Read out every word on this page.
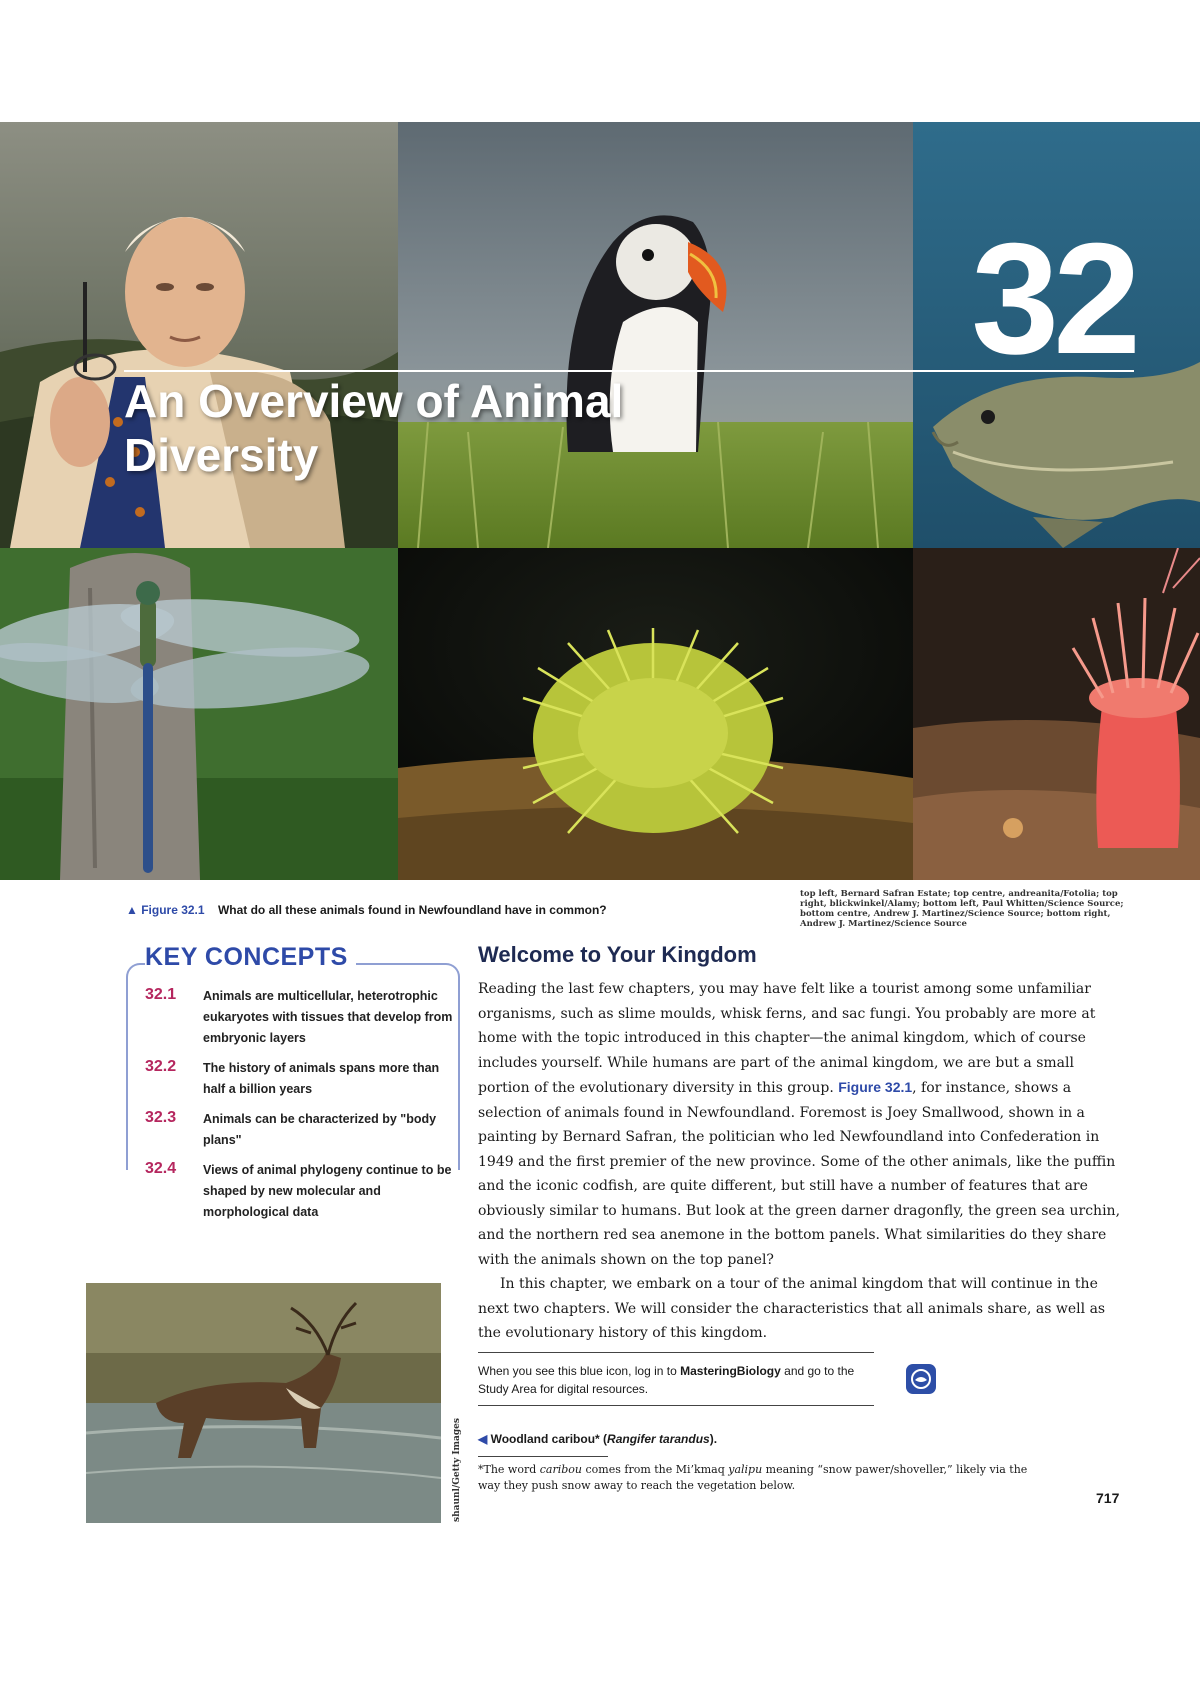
An Overview of Animal
Diversity
32
▲ Figure 32.1 What do all these animals found in Newfoundland have in common?
top left, Bernard Safran Estate; top centre, andreanita/Fotolia; top right, blickwinkel/Alamy; bottom left, Paul Whitten/Science Source; bottom centre, Andrew J. Martinez/Science Source; bottom right, Andrew J. Martinez/Science Source
KEY CONCEPTS
32.1	Animals are multicellular, heterotrophic eukaryotes with tissues that develop from embryonic layers
32.2	The history of animals spans more than half a billion years
32.3	Animals can be characterized by "body plans"
32.4	Views of animal phylogeny continue to be shaped by new molecular and morphological data
shaunl/Getty Images
Welcome to Your Kingdom

Reading the last few chapters, you may have felt like a tourist among some unfamiliar organisms, such as slime moulds, whisk ferns, and sac fungi. You probably are more at home with the topic introduced in this chapter—the animal kingdom, which of course includes yourself. While humans are part of the animal kingdom, we are but a small portion of the evolutionary diversity in this group. Figure 32.1, for instance, shows a selection of animals found in Newfoundland. Foremost is Joey Smallwood, shown in a painting by Bernard Safran, the politician who led Newfoundland into Confederation in 1949 and the first premier of the new province. Some of the other animals, like the puffin and the iconic codfish, are quite different, but still have a number of features that are obviously similar to humans. But look at the green darner dragonfly, the green sea urchin, and the northern red sea anemone in the bottom panels. What similarities do they share with the animals shown on the top panel?

In this chapter, we embark on a tour of the animal kingdom that will continue in the next two chapters. We will consider the characteristics that all animals share, as well as the evolutionary history of this kingdom.

When you see this blue icon, log in to MasteringBiology and go to the Study Area for digital resources.
◀ Woodland caribou* (Rangifer tarandus).
*The word caribou comes from the Mi’kmaq yalipu meaning “snow pawer/shoveller,” likely via the way they push snow away to reach the vegetation below.
717
